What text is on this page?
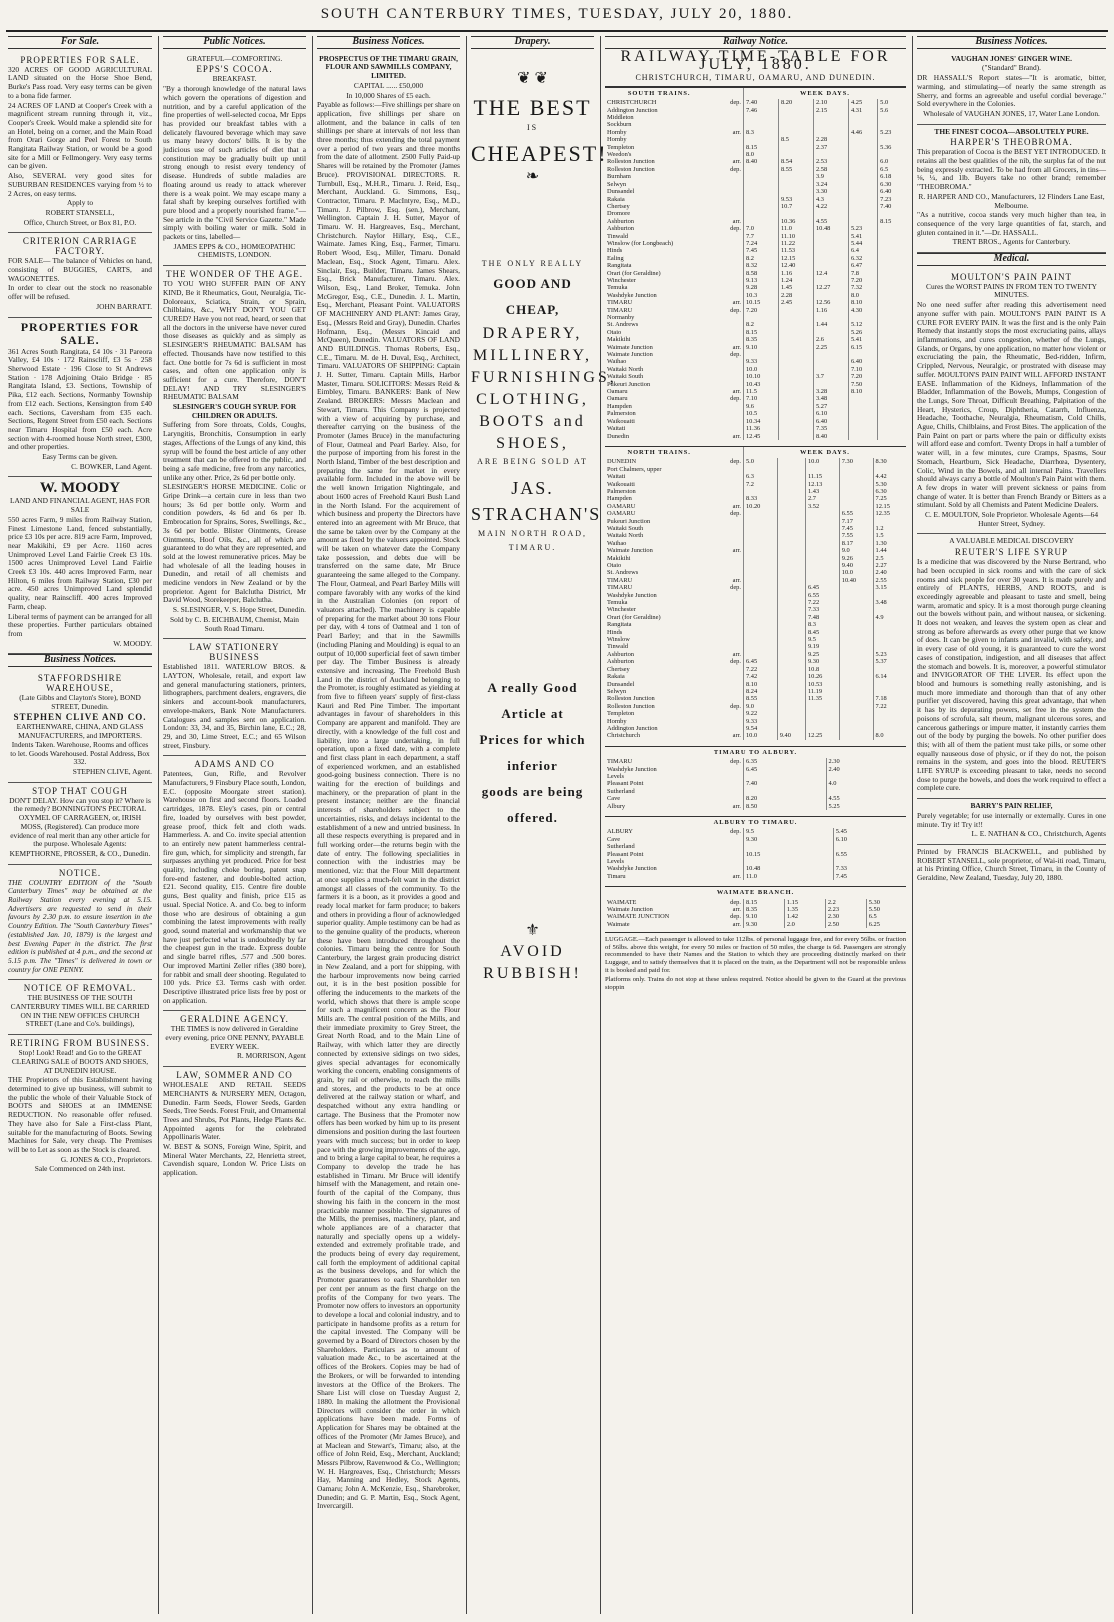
SOUTH CANTERBURY TIMES, TUESDAY, JULY 20, 1880.
For Sale.

PROPERTIES FOR SALE.

320 ACRES OF GOOD AGRICULTURAL LAND situated on the Horse Shoe Bend, Burke's Pass road. Very easy terms can be given to a bona fide farmer.

24 ACRES OF LAND at Cooper's Creek with a magnificent stream running through it, viz., Cooper's Creek. Would make a splendid site for an Hotel, being on a corner, and the Main Road from Orari Gorge and Peel Forest to South Rangitata Railway Station, or would be a good site for a Mill or Fellmongery. Very easy terms can be given.

Also, SEVERAL very good sites for SUBURBAN RESIDENCES varying from ½ to 2 Acres, on easy terms.

Apply to

ROBERT STANSELL,

Office, Church Street, or Box 81, P.O.

CRITERION CARRIAGE FACTORY.

FOR SALE— The balance of Vehicles on hand, consisting of BUGGIES, CARTS, and WAGONETTES.

In order to clear out the stock no reasonable offer will be refused.

JOHN BARRATT.

PROPERTIES FOR SALE.

361 Acres South Rangitata, £4 10s · 31 Pareora Valley, £4 10s · 172 Rainscliff, £3 5s · 258 Sherwood Estate · 196 Close to St Andrews Station · 178 Adjoining Otaio Bridge · 85 Rangitata Island, £3. Sections, Township of Pika, £12 each. Sections, Normanby Township from £12 each. Sections, Kensington from £40 each. Sections, Caversham from £35 each. Sections, Regent Street from £50 each. Sections near Timaru Hospital from £50 each. Acre section with 4-roomed house North street, £300, and other properties.

Easy Terms can be given.

C. BOWKER, Land Agent.

W. MOODY

LAND AND FINANCIAL AGENT, HAS FOR SALE

550 acres Farm, 9 miles from Railway Station, Finest Limestone Land, fenced substantially, price £3 10s per acre. 819 acre Farm, Improved, near Makikihi, £9 per Acre. 1160 acres Unimproved Level Land Fairlie Creek £3 10s. 1500 acres Unimproved Level Land Fairlie Creek £3 10s. 440 acres Improved Farm, near Hilton, 6 miles from Railway Station, £30 per acre. 450 acres Unimproved Land splendid quality, near Rainscliff. 400 acres Improved Farm, cheap.

Liberal terms of payment can be arranged for all these properties. Further particulars obtained from

W. MOODY.

Business Notices.

STAFFORDSHIRE WAREHOUSE,

(Late Gibbs and Clayton's Store), BOND STREET, Dunedin.

STEPHEN CLIVE AND CO.

EARTHENWARE, CHINA, AND GLASS MANUFACTURERS, and IMPORTERS. Indents Taken. Warehouse, Rooms and offices to let. Goods Warehoused. Postal Address, Box 332.

STEPHEN CLIVE, Agent.

STOP THAT COUGH

DON'T DELAY. How can you stop it? Where is the remedy? BONNINGTON'S PECTORAL OXYMEL OF CARRAGEEN, or, IRISH MOSS, (Registered). Can produce more evidence of real merit than any other article for the purpose. Wholesale Agents:

KEMPTHORNE, PROSSER, & CO., Dunedin.

NOTICE.

THE COUNTRY EDITION of the "South Canterbury Times" may be obtained at the Railway Station every evening at 5.15. Advertisers are requested to send in their favours by 2.30 p.m. to ensure insertion in the Country Edition. The "South Canterbury Times" (established Jan. 10, 1879) is the largest and best Evening Paper in the district. The first edition is published at 4 p.m., and the second at 5.15 p.m. The "Times" is delivered in town or country for ONE PENNY.

NOTICE OF REMOVAL.

THE BUSINESS OF THE SOUTH CANTERBURY TIMES WILL BE CARRIED ON IN THE NEW OFFICES CHURCH STREET (Lane and Co's. buildings),

RETIRING FROM BUSINESS.

Stop! Look! Read! and Go to the GREAT CLEARING SALE of BOOTS AND SHOES, AT DUNEDIN HOUSE.

THE Proprietors of this Establishment having determined to give up business, will submit to the public the whole of their Valuable Stock of BOOTS and SHOES at an IMMENSE REDUCTION. No reasonable offer refused. They have also for Sale a First-class Plant, suitable for the manufacturing of Boots. Sewing Machines for Sale, very cheap. The Premises will be to Let as soon as the Stock is cleared.

G. JONES & CO., Proprietors.

Sale Commenced on 24th inst.

Public Notices.

GRATEFUL—COMFORTING.

EPPS'S COCOA.

BREAKFAST.

"By a thorough knowledge of the natural laws which govern the operations of digestion and nutrition, and by a careful application of the fine properties of well-selected cocoa, Mr Epps has provided our breakfast tables with a delicately flavoured beverage which may save us many heavy doctors' bills. It is by the judicious use of such articles of diet that a constitution may be gradually built up until strong enough to resist every tendency of disease. Hundreds of subtle maladies are floating around us ready to attack wherever there is a weak point. We may escape many a fatal shaft by keeping ourselves fortified with pure blood and a properly nourished frame."—See article in the "Civil Service Gazette." Made simply with boiling water or milk. Sold in packets or tins, labelled—

JAMES EPPS & CO., HOMŒOPATHIC CHEMISTS, LONDON.

THE WONDER OF THE AGE.

TO YOU WHO SUFFER PAIN OF ANY KIND, Be it Rheumatics, Gout, Neuralgia, Tic-Doloreaux, Sciatica, Strain, or Sprain, Chilblains, &c., WHY DON'T YOU GET CURED? Have you not read, heard, or seen that all the doctors in the universe have never cured those diseases as quickly and as simply as SLESINGER'S RHEUMATIC BALSAM has effected. Thousands have now testified to this fact. One bottle for 7s 6d is sufficient in most cases, and often one application only is sufficient for a cure. Therefore, DON'T DELAY! AND TRY SLESINGER'S RHEUMATIC BALSAM

SLESINGER'S COUGH SYRUP. FOR CHILDREN OR ADULTS.

Suffering from Sore throats, Colds, Coughs, Laryngitis, Bronchitis, Consumption in early stages, Affections of the Lungs of any kind, this syrup will be found the best article of any other treatment that can be offered to the public, and being a safe medicine, free from any narcotics, unlike any other. Price, 2s 6d per bottle only.

SLESINGER'S HORSE MEDICINE. Colic or Gripe Drink—a certain cure in less than two hours; 3s 6d per bottle only. Worm and condition powders, 4s 6d and 6s per lb. Embrocation for Sprains, Sores, Swellings, &c., 3s 6d per bottle. Blister Ointments, Grease Ointments, Hoof Oils, &c., all of which are guaranteed to do what they are represented, and sold at the lowest remunerative prices. May be had wholesale of all the leading houses in Dunedin, and retail of all chemists and medicine vendors in New Zealand or by the proprietor. Agent for Balclutha District, Mr David Wood, Storekeeper, Balclutha.

S. SLESINGER, V. S. Hope Street, Dunedin.

Sold by C. B. EICHBAUM, Chemist, Main South Road Timaru.

LAW STATIONERY BUSINESS

Established 1811. WATERLOW BROS. & LAYTON, Wholesale, retail, and export law and general manufacturing stationers, printers, lithographers, parchment dealers, engravers, die sinkers and account-book manufacturers, envelope-makers, Bank Note Manufacturers. Catalogues and samples sent on application. London: 33, 34, and 35, Birchin lane, E.C.; 28, 29, and 30, Lime Street, E.C.; and 65 Wilson street, Finsbury.

ADAMS AND CO

Patentees, Gun, Rifle, and Revolver Manufacturers, 9 Finsbury Place south, London, E.C. (opposite Moorgate street station). Warehouse on first and second floors. Loaded cartridges, 1878. Eley's cases, pin or central fire, loaded by ourselves with best powder, grease proof, thick felt and cloth wads. Hammerless. A. and Co. invite special attention to an entirely new patent hammerless central-fire gun, which, for simplicity and strength, far surpasses anything yet produced. Price for best quality, including choke boring, patent snap fore-end fastener, and double-bolted action, £21. Second quality, £15. Centre fire double guns, Best quality and finish, price £15 as usual. Special Notice. A. and Co. beg to inform those who are desirous of obtaining a gun combining the latest improvements with really good, sound material and workmanship that we have just perfected what is undoubtedly by far the cheapest gun in the trade. Express double and single barrel rifles, .577 and .500 bores. Our improved Martini Zeller rifles (380 bore), for rabbit and small deer shooting. Regulated to 100 yds. Price £3. Terms cash with order. Descriptive illustrated price lists free by post or on application.

GERALDINE AGENCY.

THE TIMES is now delivered in Geraldine every evening, price ONE PENNY, PAYABLE EVERY WEEK.

R. MORRISON, Agent

LAW, SOMMER AND CO

WHOLESALE AND RETAIL SEEDS MERCHANTS & NURSERY MEN, Octagon, Dunedin. Farm Seeds, Flower Seeds, Garden Seeds, Tree Seeds. Forest Fruit, and Ornamental Trees and Shrubs, Pot Plants, Hedge Plants &c. Appointed agents for the celebrated Appollinaris Water.

W. BEST & SONS, Foreign Wine, Spirit, and Mineral Water Merchants, 22, Henrietta street, Cavendish square, London W. Price Lists on application.

Business Notices.

PROSPECTUS OF THE TIMARU GRAIN, FLOUR AND SAWMILLS COMPANY, LIMITED.

CAPITAL ...... £50,000

In 10,000 Shares of £5 each.

Payable as follows:—Five shillings per share on application, five shillings per share on allotment, and the balance in calls of ten shillings per share at intervals of not less than three months; thus extending the total payment over a period of two years and three months from the date of allotment. 2500 Fully Paid-up Shares will be retained by the Promoter (James Bruce). PROVISIONAL DIRECTORS. R. Turnbull, Esq., M.H.R., Timaru. J. Reid, Esq., Merchant, Auckland. G. Simmons, Esq., Contractor, Timaru. P. MacIntyre, Esq., M.D., Timaru. J. Pilbrow, Esq. (sen.), Merchant, Wellington. Captain J. H. Sutter, Mayor of Timaru. W. H. Hargreaves, Esq., Merchant, Christchurch. Naylor Hillary, Esq., C.E., Waimate. James King, Esq., Farmer, Timaru. Robert Wood, Esq., Miller, Timaru. Donald Maclean, Esq., Stock Agent, Timaru. Alex. Sinclair, Esq., Builder, Timaru. James Shears, Esq., Brick Manufacturer, Timaru. Alex. Wilson, Esq., Land Broker, Temuka. John McGregor, Esq., C.E., Dunedin. J. L. Martin, Esq., Merchant, Pleasant Point. VALUATORS OF MACHINERY AND PLANT: James Gray, Esq., (Messrs Reid and Gray), Dunedin. Charles Hofmann, Esq., (Messrs Kincaid and McQueen), Dunedin. VALUATORS OF LAND AND BUILDINGS. Thomas Roberts, Esq., C.E., Timaru. M. de H. Duval, Esq., Architect, Timaru. VALUATORS OF SHIPPING: Captain J. H. Sutter, Timaru. Captain Mills, Harbor Master, Timaru. SOLICITORS: Messrs Reid & Eimbley, Timaru. BANKERS: Bank of New Zealand. BROKERS: Messrs Maclean and Stewart, Timaru. This Company is projected with a view of acquiring by purchase, and thereafter carrying on the business of the Promoter (James Bruce) in the manufacturing of Flour, Oatmeal and Pearl Barley. Also, for the purpose of importing from his forest in the North Island, Timber of the best description and preparing the same for market in every available form. Included in the above will be the well known Irrigation Nightingale, and about 1600 acres of Freehold Kauri Bush Land in the North Island. For the acquirement of which business and property the Directors have entered into an agreement with Mr Bruce, that the same be taken over by the Company at the amount as fixed by the valuers appointed. Stock will be taken on whatever date the Company take possession, and debts due will be transferred on the same date, Mr Bruce guaranteeing the same alleged to the Company. The Flour, Oatmeal, and Pearl Barley Mills will compare favorably with any works of the kind in the Australian Colonies (on report of valuators attached). The machinery is capable of preparing for the market about 30 tons Flour per day, with 4 tons of Oatmeal and 1 ton of Pearl Barley; and that in the Sawmills (including Planing and Moulding) is equal to an output of 10,000 superficial feet of sawn timber per day. The Timber Business is already extensive and increasing. The Freehold Bush Land in the district of Auckland belonging to the Promoter, is roughly estimated as yielding at from five to fifteen years' supply of first-class Kauri and Red Pine Timber. The important advantages in favour of shareholders in this Company are apparent and manifold. They are directly, with a knowledge of the full cost and liability, into a large undertaking, in full operation, upon a fixed date, with a complete and first class plant in each department, a staff of experienced workmen, and an established good-going business connection. There is no waiting for the erection of buildings and machinery, or the preparation of plant in the present instance; neither are the financial interests of shareholders subject to the uncertainties, risks, and delays incidental to the establishment of a new and untried business. In all these respects everything is prepared and in full working order—the returns begin with the date of entry. The following specialities in connection with the industries may be mentioned, viz: that the Flour Mill department at once supplies a much-felt want in the district amongst all classes of the community. To the farmers it is a boon, as it provides a good and ready local market for farm produce; to bakers and others in providing a flour of acknowledged superior quality. Ample testimony can be had as to the genuine quality of the products, whereon these have been introduced throughout the colonies. Timaru being the centre for South Canterbury, the largest grain producing district in New Zealand, and a port for shipping, with the harbour improvements now being carried out, it is in the best position possible for offering the inducements to the markets of the world, which shows that there is ample scope for such a magnificent concern as the Flour Mills are. The central position of the Mills, and their immediate proximity to Grey Street, the Great North Road, and to the Main Line of Railway, with which latter they are directly connected by extensive sidings on two sides, gives special advantages for economically working the concern, enabling consignments of grain, by rail or otherwise, to reach the mills and stores, and the products to be at once delivered at the railway station or wharf, and despatched without any extra handling or cartage. The Business that the Promoter now offers has been worked by him up to its present dimensions and position during the last fourteen years with much success; but in order to keep pace with the growing improvements of the age, and to bring a large capital to bear, he requires a Company to develop the trade he has established in Timaru. Mr Bruce will identify himself with the Management, and retain one-fourth of the capital of the Company, thus showing his faith in the concern in the most practicable manner possible. The signatures of the Mills, the premises, machinery, plant, and whole appliances are of a character that naturally and specially opens up a widely-extended and extremely profitable trade, and the products being of every day requirement, call forth the employment of additional capital as the business develops, and for which the Promoter guarantees to each Shareholder ten per cent per annum as the first charge on the profits of the Company for two years. The Promoter now offers to investors an opportunity to develope a local and colonial industry, and to participate in handsome profits as a return for the capital invested. The Company will be governed by a Board of Directors chosen by the Shareholders. Particulars as to amount of valuation made &c., to be ascertained at the offices of the Brokers. Copies may be had of the Brokers, or will be forwarded to intending investors at the Office of the Brokers. The Share List will close on Tuesday August 2, 1880. In making the allotment the Provisional Directors will consider the order in which applications have been made. Forms of Application for Shares may be obtained at the offices of the Promoter (Mr James Bruce), and at Maclean and Stewart's, Timaru; also, at the office of John Reid, Esq., Merchant, Auckland; Messrs Pilbrow, Ravenwood & Co., Wellington; W. H. Hargreaves, Esq., Christchurch; Messrs Hay, Manning and Hedley, Stock Agents, Oamaru; John A. McKenzie, Esq., Sharebroker, Dunedin; and G. P. Martin, Esq., Stock Agent, Invercargill.

Drapery.
❦ ❦
THE BEST
IS
CHEAPEST!
❧
THE ONLY REALLY
GOOD AND CHEAP,
DRAPERY,
MILLINERY,
FURNISHINGS,
CLOTHING,
BOOTS and
SHOES,
ARE BEING SOLD AT
JAS. STRACHAN'S
MAIN NORTH ROAD,
TIMARU.
A really Good Article at
Prices for which inferior
goods are being offered.
⚜
AVOID
RUBBISH!
Railway Notice.
RAILWAY TIME-TABLE FOR JULY, 1880.
CHRISTCHURCH, TIMARU, OAMARU, AND DUNEDIN.
SOUTH TRAINS.		WEEK DAYS.				
CHRISTCHURCH	dep.	7.40	8.20	2.10	4.25	5.0
Addington Junction		7.46		2.15	4.31	5.6
Middleton						
Sockburn						
Hornby	arr.	8.3			4.46	5.23
Hornby			8.5	2.28		
Templeton		8.15		2.37		5.36
Weedon's		8.0				
Rolleston Junction	arr.	8.40	8.54	2.53		6.0
Rolleston Junction	dep.		8.55	2.58		6.5
Burnham				3.9		6.18
Selwyn				3.24		6.30
Dunsandel				3.30		6.40
Rakaia			9.53	4.3		7.23
Chertsey			10.7	4.22		7.40
Dromore						
Ashburton	arr.		10.36	4.55		8.15
Ashburton	dep.	7.0	11.0	10.48	5.23	
Tinwald		7.7	11.10		5.41	
Winslow (for Longbeach)		7.24	11.22		5.44	
Hinds		7.45	11.53		6.4	
Ealing		8.2	12.15		6.32	
Rangitata		8.32	12.40		6.47	
Orari (for Geraldine)		8.58	1.16	12.4	7.8	
Winchester		9.13	1.24		7.20	
Temuka		9.28	1.45	12.27	7.32	
Washdyke Junction		10.3	2.28		8.0	
TIMARU	arr.	10.15	2.45	12.56	8.10	
TIMARU	dep.	7.20		1.16	4.30	
Normanby						
St. Andrews		8.2		1.44	5.12	
Otaio		8.15			5.26	
Makikihi		8.35		2.6	5.41	
Waimate Junction	arr.	9.10		2.25	6.15	
Waimate Junction	dep.					
Waihao		9.33			6.40	
Waitaki North		10.0			7.10	
Waitaki South		10.10		3.7	7.20	
Pukeuri Junction		10.43			7.50	
Oamaru	arr.	11.5		3.28	8.10	
Oamaru	dep.	7.10		3.48		
Hampden		9.6		5.27		
Palmerston		10.5		6.10		
Waikouaiti		10.34		6.40		
Waitati		11.36		7.35		
Dunedin	arr.	12.45		8.40		
NORTH TRAINS.		WEEK DAYS.				
DUNEDIN	dep.	5.0		10.0	7.30	8.30
Port Chalmers, upper						
Waitati		6.3		11.15		4.42
Waikouaiti		7.2		12.13		5.30
Palmerston				1.43		6.30
Hampden		8.33		2.7		7.25
OAMARU	arr.	10.20		3.52		12.15
OAMARU	dep.				6.55	12.35
Pukeuri Junction					7.17	
Waitaki South					7.45	1.2
Waitaki North					7.55	1.5
Waihao					8.17	1.30
Waimate Junction	arr.				9.0	1.44
Makikihi					9.26	2.5
Otaio					9.40	2.27
St. Andrews					10.0	2.40
TIMARU	arr.				10.40	2.55
TIMARU	dep.			6.45		3.15
Washdyke Junction				6.55		
Temuka				7.22		3.48
Winchester				7.33		
Orari (for Geraldine)				7.48		4.9
Rangitata				8.3		
Hinds				8.45		
Winslow				9.5		
Tinwald				9.19		
Ashburton	arr.			9.25		5.23
Ashburton	dep.	6.45		9.30		5.37
Chertsey		7.22		10.8		
Rakaia		7.42		10.26		6.14
Dunsandel		8.10		10.53		
Selwyn		8.24		11.19		
Rolleston Junction		8.55		11.35		7.18
Rolleston Junction	dep.	9.0				7.22
Templeton		9.22				
Hornby		9.33				
Addington Junction		9.54				
Christchurch	arr.	10.0	9.40	12.25		8.0
TIMARU TO ALBURY.			
TIMARU	dep.	6.35	2.30
Washdyke Junction		6.45	2.40
Levels			
Pleasant Point		7.40	4.0
Sutherland			
Cave		8.20	4.55
Albury	arr.	8.50	5.25
ALBURY TO TIMARU.			
ALBURY	dep.	9.5	5.45
Cave		9.30	6.10
Sutherland			
Pleasant Point		10.15	6.55
Levels			
Washdyke Junction		10.48	7.33
Timaru	arr.	11.0	7.45
WAIMATE BRANCH.					
WAIMATE	dep.	8.15	1.15	2.2	5.30
Waimate Junction	arr.	8.35	1.35	2.23	5.50
WAIMATE JUNCTION	dep.	9.10	1.42	2.30	6.5
Waimate	arr.	9.30	2.0	2.50	6.25

LUGGAGE.—Each passenger is allowed to take 112lbs. of personal luggage free, and for every 56lbs. or fraction of 56lbs. above this weight, for every 50 miles or fraction of 50 miles, the charge is 6d. Passengers are strongly recommended to have their Names and the Station to which they are proceeding distinctly marked on their Luggage, and to satisfy themselves that it is placed on the train, as the Department will not be responsible unless it is booked and paid for.

Platforms only. Trains do not stop at these unless required. Notice should be given to the Guard at the previous stoppin

Business Notices.

VAUGHAN JONES' GINGER WINE.

("Standard" Brand).

DR HASSALL'S Report states—"It is aromatic, bitter, warming, and stimulating—of nearly the same strength as Sherry, and forms an agreeable and useful cordial beverage." Sold everywhere in the Colonies.

Wholesale of VAUGHAN JONES, 17, Water Lane London.

THE FINEST COCOA—ABSOLUTELY PURE.

HARPER'S THEOBROMA.

This preparation of Cocoa is the BEST YET INTRODUCED. It retains all the best qualities of the nib, the surplus fat of the nut being expressly extracted. To be had from all Grocers, in tins—⅛, ¼, and 1lb. Buyers take no other brand; remember "THEOBROMA."

R. HARPER AND CO., Manufacturers, 12 Flinders Lane East, Melbourne.

"As a nutritive, cocoa stands very much higher than tea, in consequence of the very large quantities of fat, starch, and gluten contained in it."—Dr. HASSALL.

TRENT BROS., Agents for Canterbury.

Medical.

MOULTON'S PAIN PAINT

Cures the WORST PAINS IN FROM TEN TO TWENTY MINUTES.

No one need suffer after reading this advertisement need anyone suffer with pain. MOULTON'S PAIN PAINT IS A CURE FOR EVERY PAIN. It was the first and is the only Pain Remedy that instantly stops the most excruciating pains, allays inflammations, and cures congestion, whether of the Lungs, Glands, or Organs, by one application, no matter how violent or excruciating the pain, the Rheumatic, Bed-ridden, Infirm, Crippled, Nervous, Neuralgic, or prostrated with disease may suffer. MOULTON'S PAIN PAINT WILL AFFORD INSTANT EASE. Inflammation of the Kidneys, Inflammation of the Bladder, Inflammation of the Bowels, Mumps, Congestion of the Lungs, Sore Throat, Difficult Breathing, Palpitation of the Heart, Hysterics, Croup, Diphtheria, Catarrh, Influenza, Headache, Toothache, Neuralgia, Rheumatism, Cold Chills, Ague, Chills, Chilblains, and Frost Bites. The application of the Pain Paint on part or parts where the pain or difficulty exists will afford ease and comfort. Twenty Drops in half a tumbler of water will, in a few minutes, cure Cramps, Spasms, Sour Stomach, Heartburn, Sick Headache, Diarrhœa, Dysentery, Colic, Wind in the Bowels, and all internal Pains. Travellers should always carry a bottle of Moulton's Pain Paint with them. A few drops in water will prevent sickness or pains from change of water. It is better than French Brandy or Bitters as a stimulant. Sold by all Chemists and Patent Medicine Dealers.

C. E. MOULTON, Sole Proprietor. Wholesale Agents—64 Hunter Street, Sydney.

A VALUABLE MEDICAL DISCOVERY

REUTER'S LIFE SYRUP

Is a medicine that was discovered by the Nurse Bertrand, who had been occupied in sick rooms and with the care of sick rooms and sick people for over 30 years. It is made purely and entirely of PLANTS, HERBS, AND ROOTS, and is exceedingly agreeable and pleasant to taste and smell, being warm, aromatic and spicy. It is a most thorough purge cleaning out the bowels without pain, and without nausea, or sickening. It does not weaken, and leaves the system open as clear and strong as before afterwards as every other purge that we know of does. It can be given to infants and invalid, with safety, and in every case of old young, it is guaranteed to cure the worst cases of constipation, indigestion, and all diseases that affect the stomach and bowels. It is, moreover, a powerful stimulator and INVIGORATOR OF THE LIVER. Its effect upon the blood and humours is something really astonishing, and is much more immediate and thorough than that of any other purifier yet discovered, having this great advantage, that when it has by its depurating powers, set free in the system the poisons of scrofula, salt rheum, malignant ulcerous sores, and cancerous gatherings or impure matter, it instantly carries them out of the body by purging the bowels. No other purifier does this; with all of them the patient must take pills, or some other equally nauseous dose of physic, or if they do not, the poison remains in the system, and goes into the blood. REUTER'S LIFE SYRUP is exceeding pleasant to take, needs no second dose to purge the bowels, and does the work required to effect a complete cure.

BARRY'S PAIN RELIEF,

Purely vegetable; for use internally or externally. Cures in one minute. Try it! Try it!!

L. E. NATHAN & CO., Christchurch, Agents

Printed by FRANCIS BLACKWELL, and published by ROBERT STANSELL, sole proprietor, of Wai-iti road, Timaru, at his Printing Office, Church Street, Timaru, in the County of Geraldine, New Zealand, Tuesday, July 20, 1880.
